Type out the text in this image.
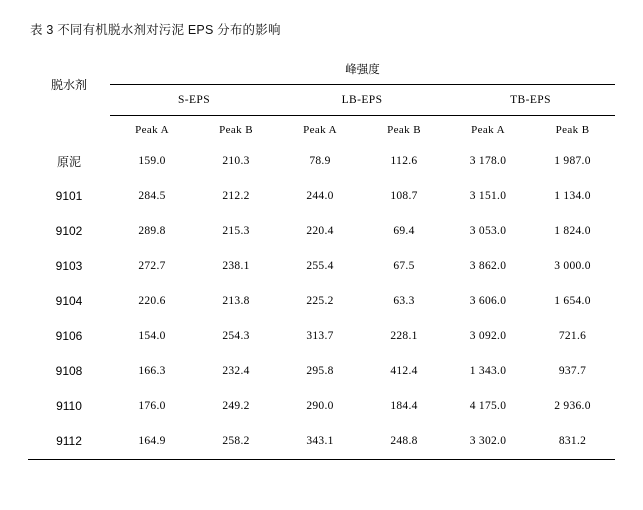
表 3 不同有机脱水剂对污泥 EPS 分布的影响
脱水剂	峰强度					
	S-EPS		LB-EPS		TB-EPS	
	Peak A	Peak B	Peak A	Peak B	Peak A	Peak B
原泥	159.0	210.3	78.9	112.6	3 178.0	1 987.0
9101	284.5	212.2	244.0	108.7	3 151.0	1 134.0
9102	289.8	215.3	220.4	69.4	3 053.0	1 824.0
9103	272.7	238.1	255.4	67.5	3 862.0	3 000.0
9104	220.6	213.8	225.2	63.3	3 606.0	1 654.0
9106	154.0	254.3	313.7	228.1	3 092.0	721.6
9108	166.3	232.4	295.8	412.4	1 343.0	937.7
9110	176.0	249.2	290.0	184.4	4 175.0	2 936.0
9112	164.9	258.2	343.1	248.8	3 302.0	831.2
